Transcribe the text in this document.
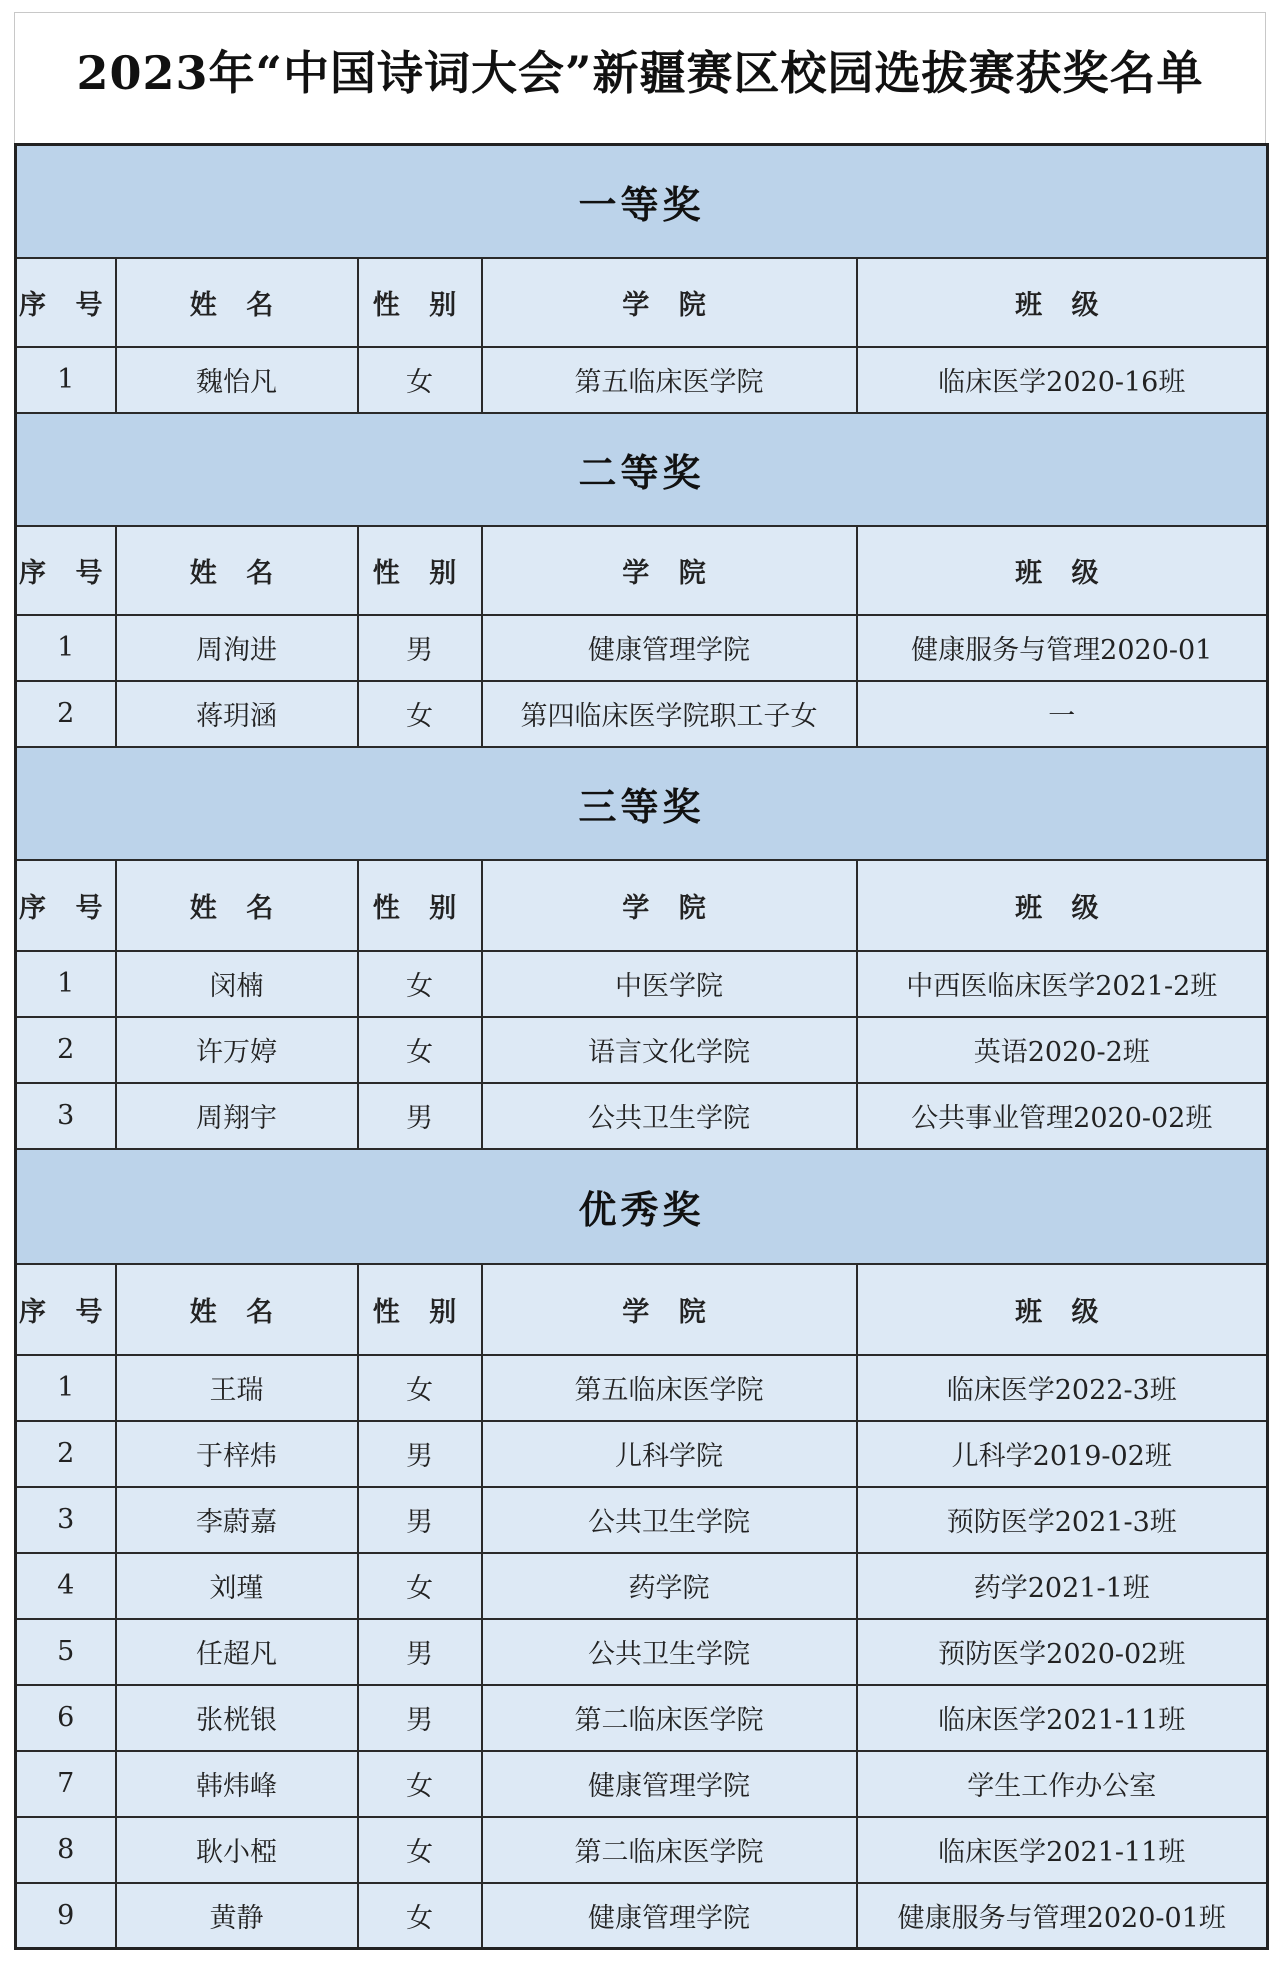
2023年“中国诗词大会”新疆赛区校园选拔赛获奖名单
一等奖				
序 号	姓 名	性 别	学 院	班 级
1	魏怡凡	女	第五临床医学院	临床医学2020-16班
二等奖				
序 号	姓 名	性 别	学 院	班 级
1	周洵进	男	健康管理学院	健康服务与管理2020-01
2	蒋玥涵	女	第四临床医学院职工子女	一
三等奖				
序 号	姓 名	性 别	学 院	班 级
1	闵楠	女	中医学院	中西医临床医学2021-2班
2	许万婷	女	语言文化学院	英语2020-2班
3	周翔宇	男	公共卫生学院	公共事业管理2020-02班
优秀奖				
序 号	姓 名	性 别	学 院	班 级
1	王瑞	女	第五临床医学院	临床医学2022-3班
2	于梓炜	男	儿科学院	儿科学2019-02班
3	李蔚嘉	男	公共卫生学院	预防医学2021-3班
4	刘瑾	女	药学院	药学2021-1班
5	任超凡	男	公共卫生学院	预防医学2020-02班
6	张桄银	男	第二临床医学院	临床医学2021-11班
7	韩炜峰	女	健康管理学院	学生工作办公室
8	耿小椏	女	第二临床医学院	临床医学2021-11班
9	黄静	女	健康管理学院	健康服务与管理2020-01班
